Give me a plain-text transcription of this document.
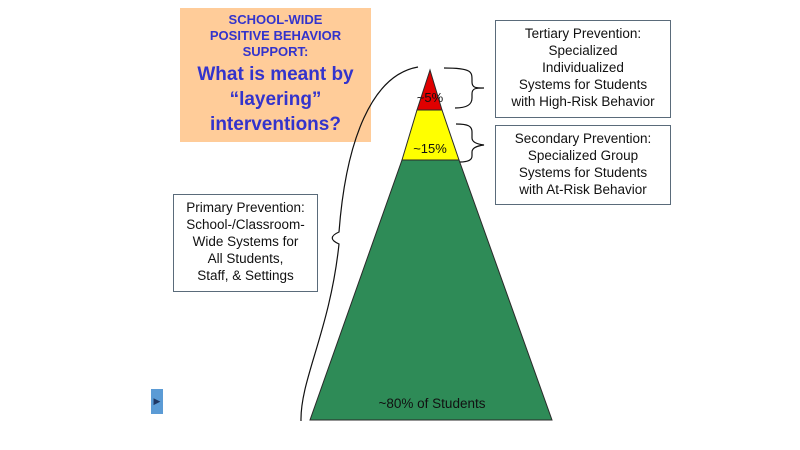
SCHOOL-WIDE
POSITIVE BEHAVIOR
SUPPORT:
What is meant by
“layering”
interventions?
~5%
~15%
~80% of Students
Tertiary Prevention:
Specialized
Individualized
Systems for Students
with High-Risk Behavior
Secondary Prevention:
Specialized Group
Systems for Students
with At-Risk Behavior
Primary Prevention:
School-/Classroom-
Wide Systems for
All Students,
Staff, & Settings
▶
